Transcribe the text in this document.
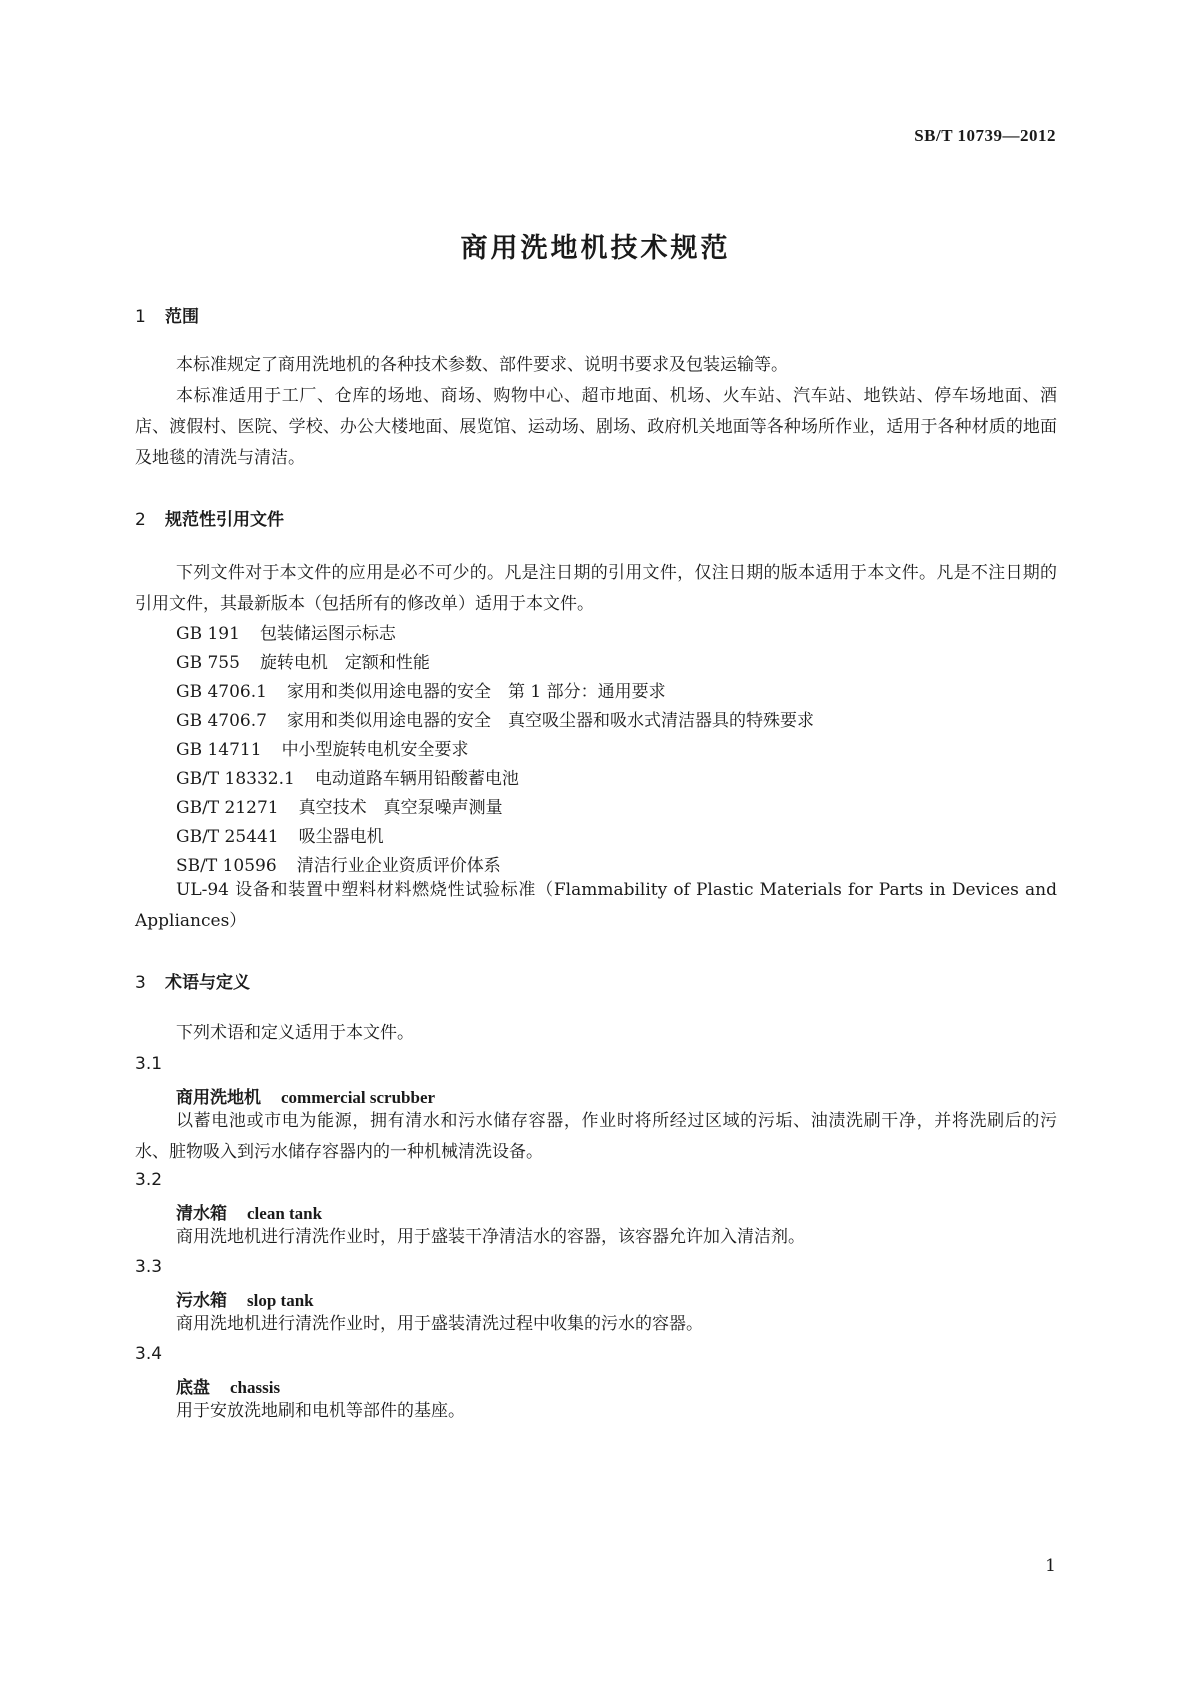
SB/T 10739—2012
商用洗地机技术规范
1 范围
本标准规定了商用洗地机的各种技术参数、部件要求、说明书要求及包装运输等。
本标准适用于工厂、仓库的场地、商场、购物中心、超市地面、机场、火车站、汽车站、地铁站、停车场地面、酒店、渡假村、医院、学校、办公大楼地面、展览馆、运动场、剧场、政府机关地面等各种场所作业，适用于各种材质的地面及地毯的清洗与清洁。
2 规范性引用文件
下列文件对于本文件的应用是必不可少的。凡是注日期的引用文件，仅注日期的版本适用于本文件。凡是不注日期的引用文件，其最新版本（包括所有的修改单）适用于本文件。
GB 191 包装储运图示标志
GB 755 旋转电机　定额和性能
GB 4706.1 家用和类似用途电器的安全　第 1 部分：通用要求
GB 4706.7 家用和类似用途电器的安全　真空吸尘器和吸水式清洁器具的特殊要求
GB 14711 中小型旋转电机安全要求
GB/T 18332.1 电动道路车辆用铅酸蓄电池
GB/T 21271 真空技术　真空泵噪声测量
GB/T 25441 吸尘器电机
SB/T 10596 清洁行业企业资质评价体系
UL-94 设备和装置中塑料材料燃烧性试验标准（Flammability of Plastic Materials for Parts in Devices and Appliances）
3 术语与定义
下列术语和定义适用于本文件。
3.1
商用洗地机 commercial scrubber
以蓄电池或市电为能源，拥有清水和污水储存容器，作业时将所经过区域的污垢、油渍洗刷干净，并将洗刷后的污水、脏物吸入到污水储存容器内的一种机械清洗设备。
3.2
清水箱 clean tank
商用洗地机进行清洗作业时，用于盛装干净清洁水的容器，该容器允许加入清洁剂。
3.3
污水箱 slop tank
商用洗地机进行清洗作业时，用于盛装清洗过程中收集的污水的容器。
3.4
底盘 chassis
用于安放洗地刷和电机等部件的基座。
1
